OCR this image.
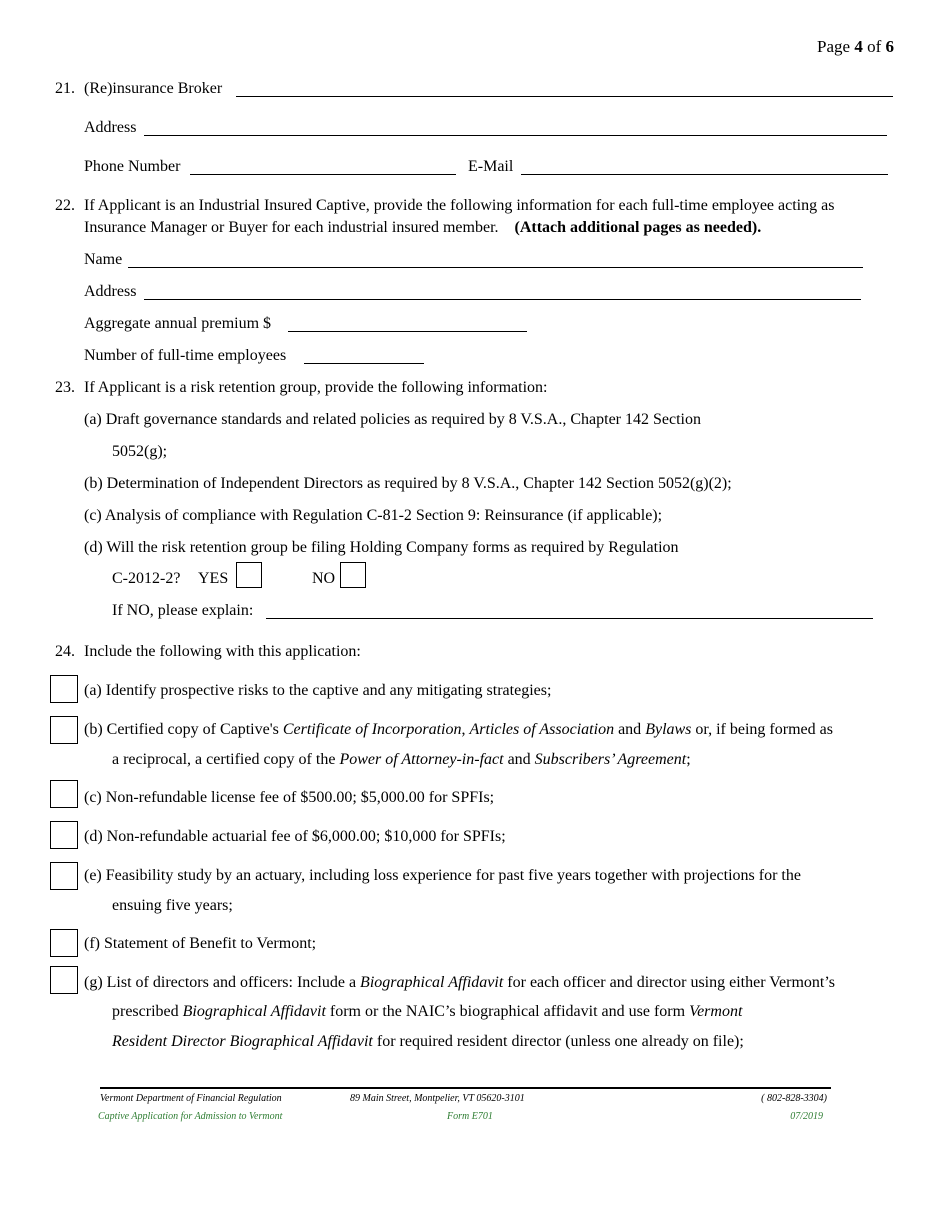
Page 4 of 6
21. (Re)insurance Broker
Address
Phone Number	E-Mail
22. If Applicant is an Industrial Insured Captive, provide the following information for each full-time employee acting as
Insurance Manager or Buyer for each industrial insured member. (Attach additional pages as needed).
Name
Address
Aggregate annual premium $
Number of full-time employees
23. If Applicant is a risk retention group, provide the following information:
(a) Draft governance standards and related policies as required by 8 V.S.A., Chapter 142 Section
5052(g);
(b) Determination of Independent Directors as required by 8 V.S.A., Chapter 142 Section 5052(g)(2);
(c) Analysis of compliance with Regulation C-81-2 Section 9: Reinsurance (if applicable);
(d) Will the risk retention group be filing Holding Company forms as required by Regulation
C-2012-2? YES	NO
If NO, please explain:
24. Include the following with this application:
(a) Identify prospective risks to the captive and any mitigating strategies;
(b) Certified copy of Captive's Certificate of Incorporation, Articles of Association and Bylaws or, if being formed as
a reciprocal, a certified copy of the Power of Attorney-in-fact and Subscribers’ Agreement;
(c) Non-refundable license fee of $500.00; $5,000.00 for SPFIs;
(d) Non-refundable actuarial fee of $6,000.00; $10,000 for SPFIs;
(e) Feasibility study by an actuary, including loss experience for past five years together with projections for the
ensuing five years;
(f) Statement of Benefit to Vermont;
(g) List of directors and officers: Include a Biographical Affidavit for each officer and director using either Vermont’s
prescribed Biographical Affidavit form or the NAIC’s biographical affidavit and use form Vermont
Resident Director Biographical Affidavit for required resident director (unless one already on file);
Vermont Department of Financial Regulation	89 Main Street, Montpelier, VT 05620-3101	( 802-828-3304)
Captive Application for Admission to Vermont	Form E701	07/2019
